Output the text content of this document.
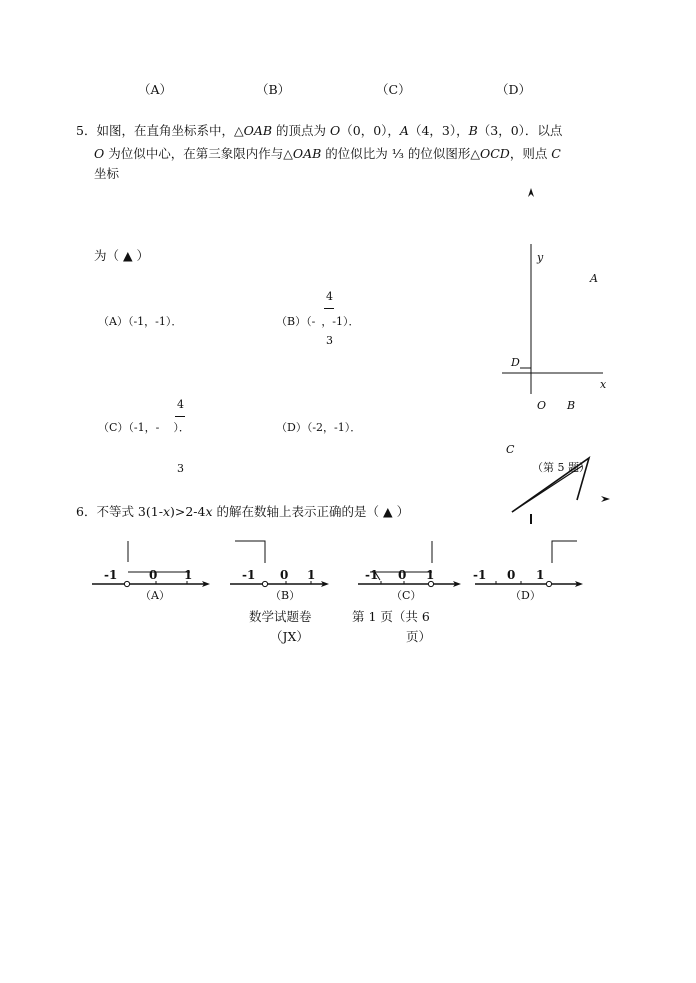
（A）	（B）	（C）	（D）
5．如图，在直角坐标系中，△OAB 的顶点为 O（0，0），A（4，3），B（3，0）．以点
O 为位似中心，在第三象限内作与△OAB 的位似比为 ⅓ 的位似图形△OCD，则点 C
坐标
为（ ▲ ）
（A）（-1，-1）．	（B）（- ，-1）．
4
3
（C）（-1，- ）．
4
3
（D）（-2，-1）．
y
A
D
x
O B
C
（第 5 题）
6．不等式 3(1-x)>2-4x 的解在数轴上表示正确的是（ ▲ ）
-1	0 1
（A）
-1 0 1
（B）
-1 0 1
（C）
-1 0 1
（D）
数学试题卷
（JX）
第 1 页（共 6
页）
